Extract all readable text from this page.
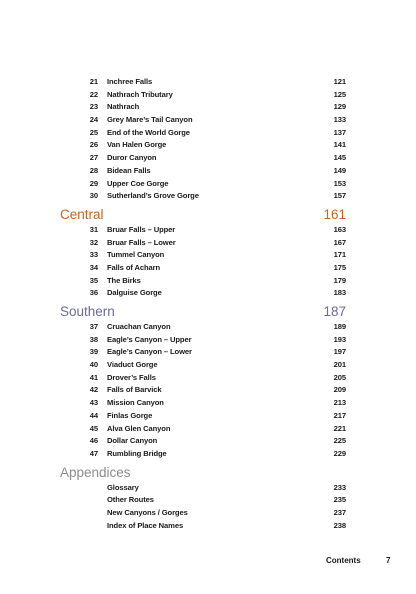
21 Inchree Falls	121
22 Nathrach Tributary	125
23 Nathrach	129
24 Grey Mare’s Tail Canyon	133
25 End of the World Gorge	137
26 Van Halen Gorge	141
27 Duror Canyon	145
28 Bidean Falls	149
29 Upper Coe Gorge	153
30 Sutherland’s Grove Gorge	157
Central	161
31 Bruar Falls – Upper	163
32 Bruar Falls – Lower	167
33 Tummel Canyon	171
34 Falls of Acharn	175
35 The Birks	179
36 Dalguise Gorge	183
Southern	187
37 Cruachan Canyon	189
38 Eagle’s Canyon – Upper	193
39 Eagle’s Canyon – Lower	197
40 Viaduct Gorge	201
41 Drover’s Falls	205
42 Falls of Barvick	209
43 Mission Canyon	213
44 Finlas Gorge	217
45 Alva Glen Canyon	221
46 Dollar Canyon	225
47 Rumbling Bridge	229
Appendices
Glossary	233
Other Routes	235
New Canyons / Gorges	237
Index of Place Names	238
Contents	7
